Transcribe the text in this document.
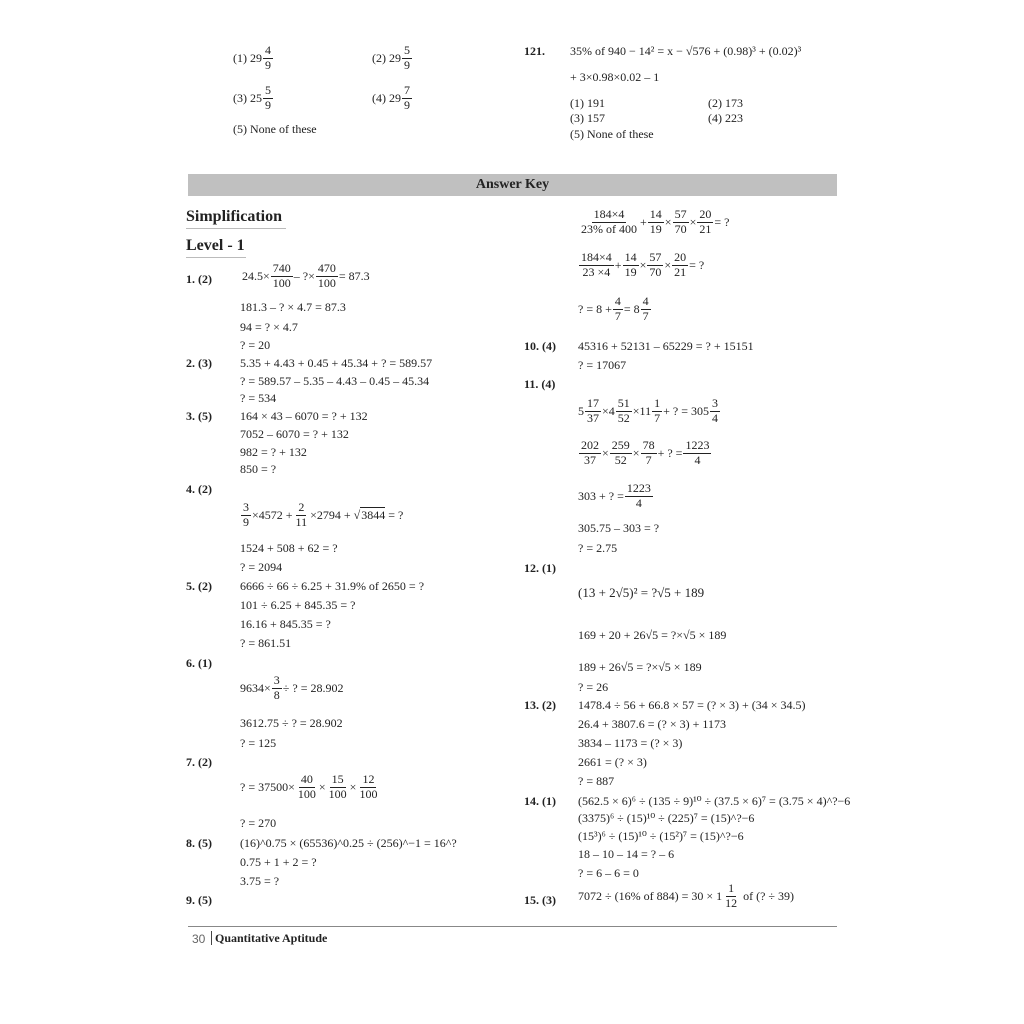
(1) $29 \frac{4}{9}$	(2) $29 \frac{5}{9}$
(3) $25 \frac{5}{9}$	(4) $29 \frac{7}{9}$
(5) None of these
121. 35% of 940 − 14² = x − √576 + (0.98)³ + (0.02)³
+ 3×0.98×0.02 – 1
(1) 191	(2) 173
(3) 157	(4) 223
(5) None of these
Answer Key
Simplification
Level - 1
1. (2)	$24.5\times \frac{740}{100}$ – ?× $\frac{470}{100} = 87.3$
181.3 – ? × 4.7 = 87.3
94 = ? × 4.7
? = 20
2. (3) 5.35 + 4.43 + 0.45 + 45.34 + ? = 589.57
? = 589.57 – 5.35 – 4.43 – 0.45 – 45.34
? = 534
3. (5) 164 × 43 – 6070 = ? + 132
7052 – 6070 = ? + 132
982 = ? + 132
850 = ?
4. (2)
$\frac{3}{9} \times 4572 + \frac{2}{11} \times 2794$ + √ 3844
= ?
1524 + 508 + 62 = ?
? = 2094
5. (2) 6666 ÷ 66 ÷ 6.25 + 31.9% of 2650 = ?
101 ÷ 6.25 + 845.35 = ?
16.16 + 845.35 = ?
? = 861.51
6. (1)
$9634\times \frac{3}{8}$ ÷ ? = 28.902
3612.75 ÷ ? = 28.902
? = 125
7. (2)
? = $37500\times \frac{40}{100} \times \frac{15}{100} \times \frac{12}{100}$
? = 270
8. (5) (16)^0.75 × (65536)^0.25 ÷ (256)^−1 = 16^?
0.75 + 1 + 2 = ?
3.75 = ?
9. (5)
$\frac{184\times 4}{23\% of 400} + \frac{14}{19} \times \frac{57}{70} \times \frac{20}{21}$ = ?
$\frac{184\times 4}{23 \times 4} + \frac{14}{19} \times \frac{57}{70} \times \frac{20}{21}$ = ?
? = $8 + \frac{4}{7} = 8 \frac{4}{7}$
10. (4) 45316 + 52131 – 65229 = ? + 15151
? = 17067
11. (4)
$5 \frac{17}{37} \times 4 \frac{51}{52} \times 11 \frac{1}{7}$ + ? = $305 \frac{3}{4}$
$\frac{202}{37} \times \frac{259}{52} \times \frac{78}{7}$ + ? = $\frac{1223}{4}$
303 + ? = $\frac{1223}{4}$
305.75 – 303 = ?
? = 2.75
12. (1)
(13 + 2√5)² = ?√5 + 189
169 + 20 + 26√5 = ?×√5 × 189
189 + 26√5 = ?×√5 × 189
? = 26
13. (2) 1478.4 ÷ 56 + 66.8 × 57 = (? × 3) + (34 × 34.5)
26.4 + 3807.6 = (? × 3) + 1173
3834 – 1173 = (? × 3)
2661 = (? × 3)
? = 887
14. (1) (562.5 × 6)⁶ ÷ (135 ÷ 9)¹⁰ ÷ (37.5 × 6)⁷ = (3.75 × 4)^?−6
(3375)⁶ ÷ (15)¹⁰ ÷ (225)⁷ = (15)^?−6
(15³)⁶ ÷ (15)¹⁰ ÷ (15²)⁷ = (15)^?−6
18 – 10 – 14 = ? – 6
? = 6 – 6 = 0
15. (3) 7072 ÷ (16% of $884) = 30 \times 1 \frac{1}{12}$
of (? ÷ 39)
30 Quantitative Aptitude
